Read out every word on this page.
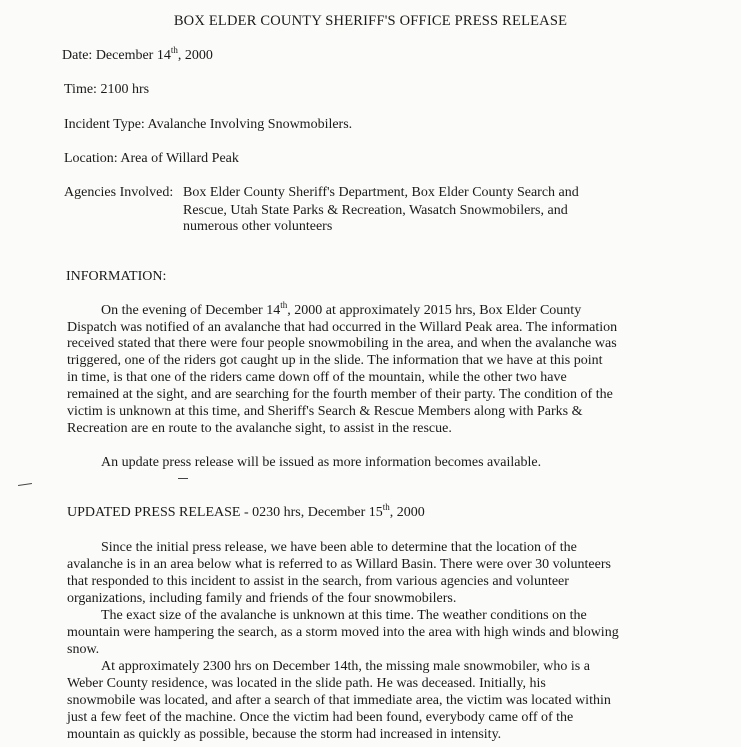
BOX ELDER COUNTY SHERIFF'S OFFICE PRESS RELEASE
Date: December 14th, 2000
Time: 2100 hrs
Incident Type: Avalanche Involving Snowmobilers.
Location: Area of Willard Peak
Agencies Involved: Box Elder County Sheriff's Department, Box Elder County Search and
Rescue, Utah State Parks & Recreation, Wasatch Snowmobilers, and
numerous other volunteers
INFORMATION:
On the evening of December 14th, 2000 at approximately 2015 hrs, Box Elder County
Dispatch was notified of an avalanche that had occurred in the Willard Peak area. The information
received stated that there were four people snowmobiling in the area, and when the avalanche was
triggered, one of the riders got caught up in the slide. The information that we have at this point
in time, is that one of the riders came down off of the mountain, while the other two have
remained at the sight, and are searching for the fourth member of their party. The condition of the
victim is unknown at this time, and Sheriff's Search & Rescue Members along with Parks &
Recreation are en route to the avalanche sight, to assist in the rescue.
An update press release will be issued as more information becomes available.
UPDATED PRESS RELEASE - 0230 hrs, December 15th, 2000
Since the initial press release, we have been able to determine that the location of the
avalanche is in an area below what is referred to as Willard Basin. There were over 30 volunteers
that responded to this incident to assist in the search, from various agencies and volunteer
organizations, including family and friends of the four snowmobilers.
The exact size of the avalanche is unknown at this time. The weather conditions on the
mountain were hampering the search, as a storm moved into the area with high winds and blowing
snow.
At approximately 2300 hrs on December 14th, the missing male snowmobiler, who is a
Weber County residence, was located in the slide path. He was deceased. Initially, his
snowmobile was located, and after a search of that immediate area, the victim was located within
just a few feet of the machine. Once the victim had been found, everybody came off of the
mountain as quickly as possible, because the storm had increased in intensity.
